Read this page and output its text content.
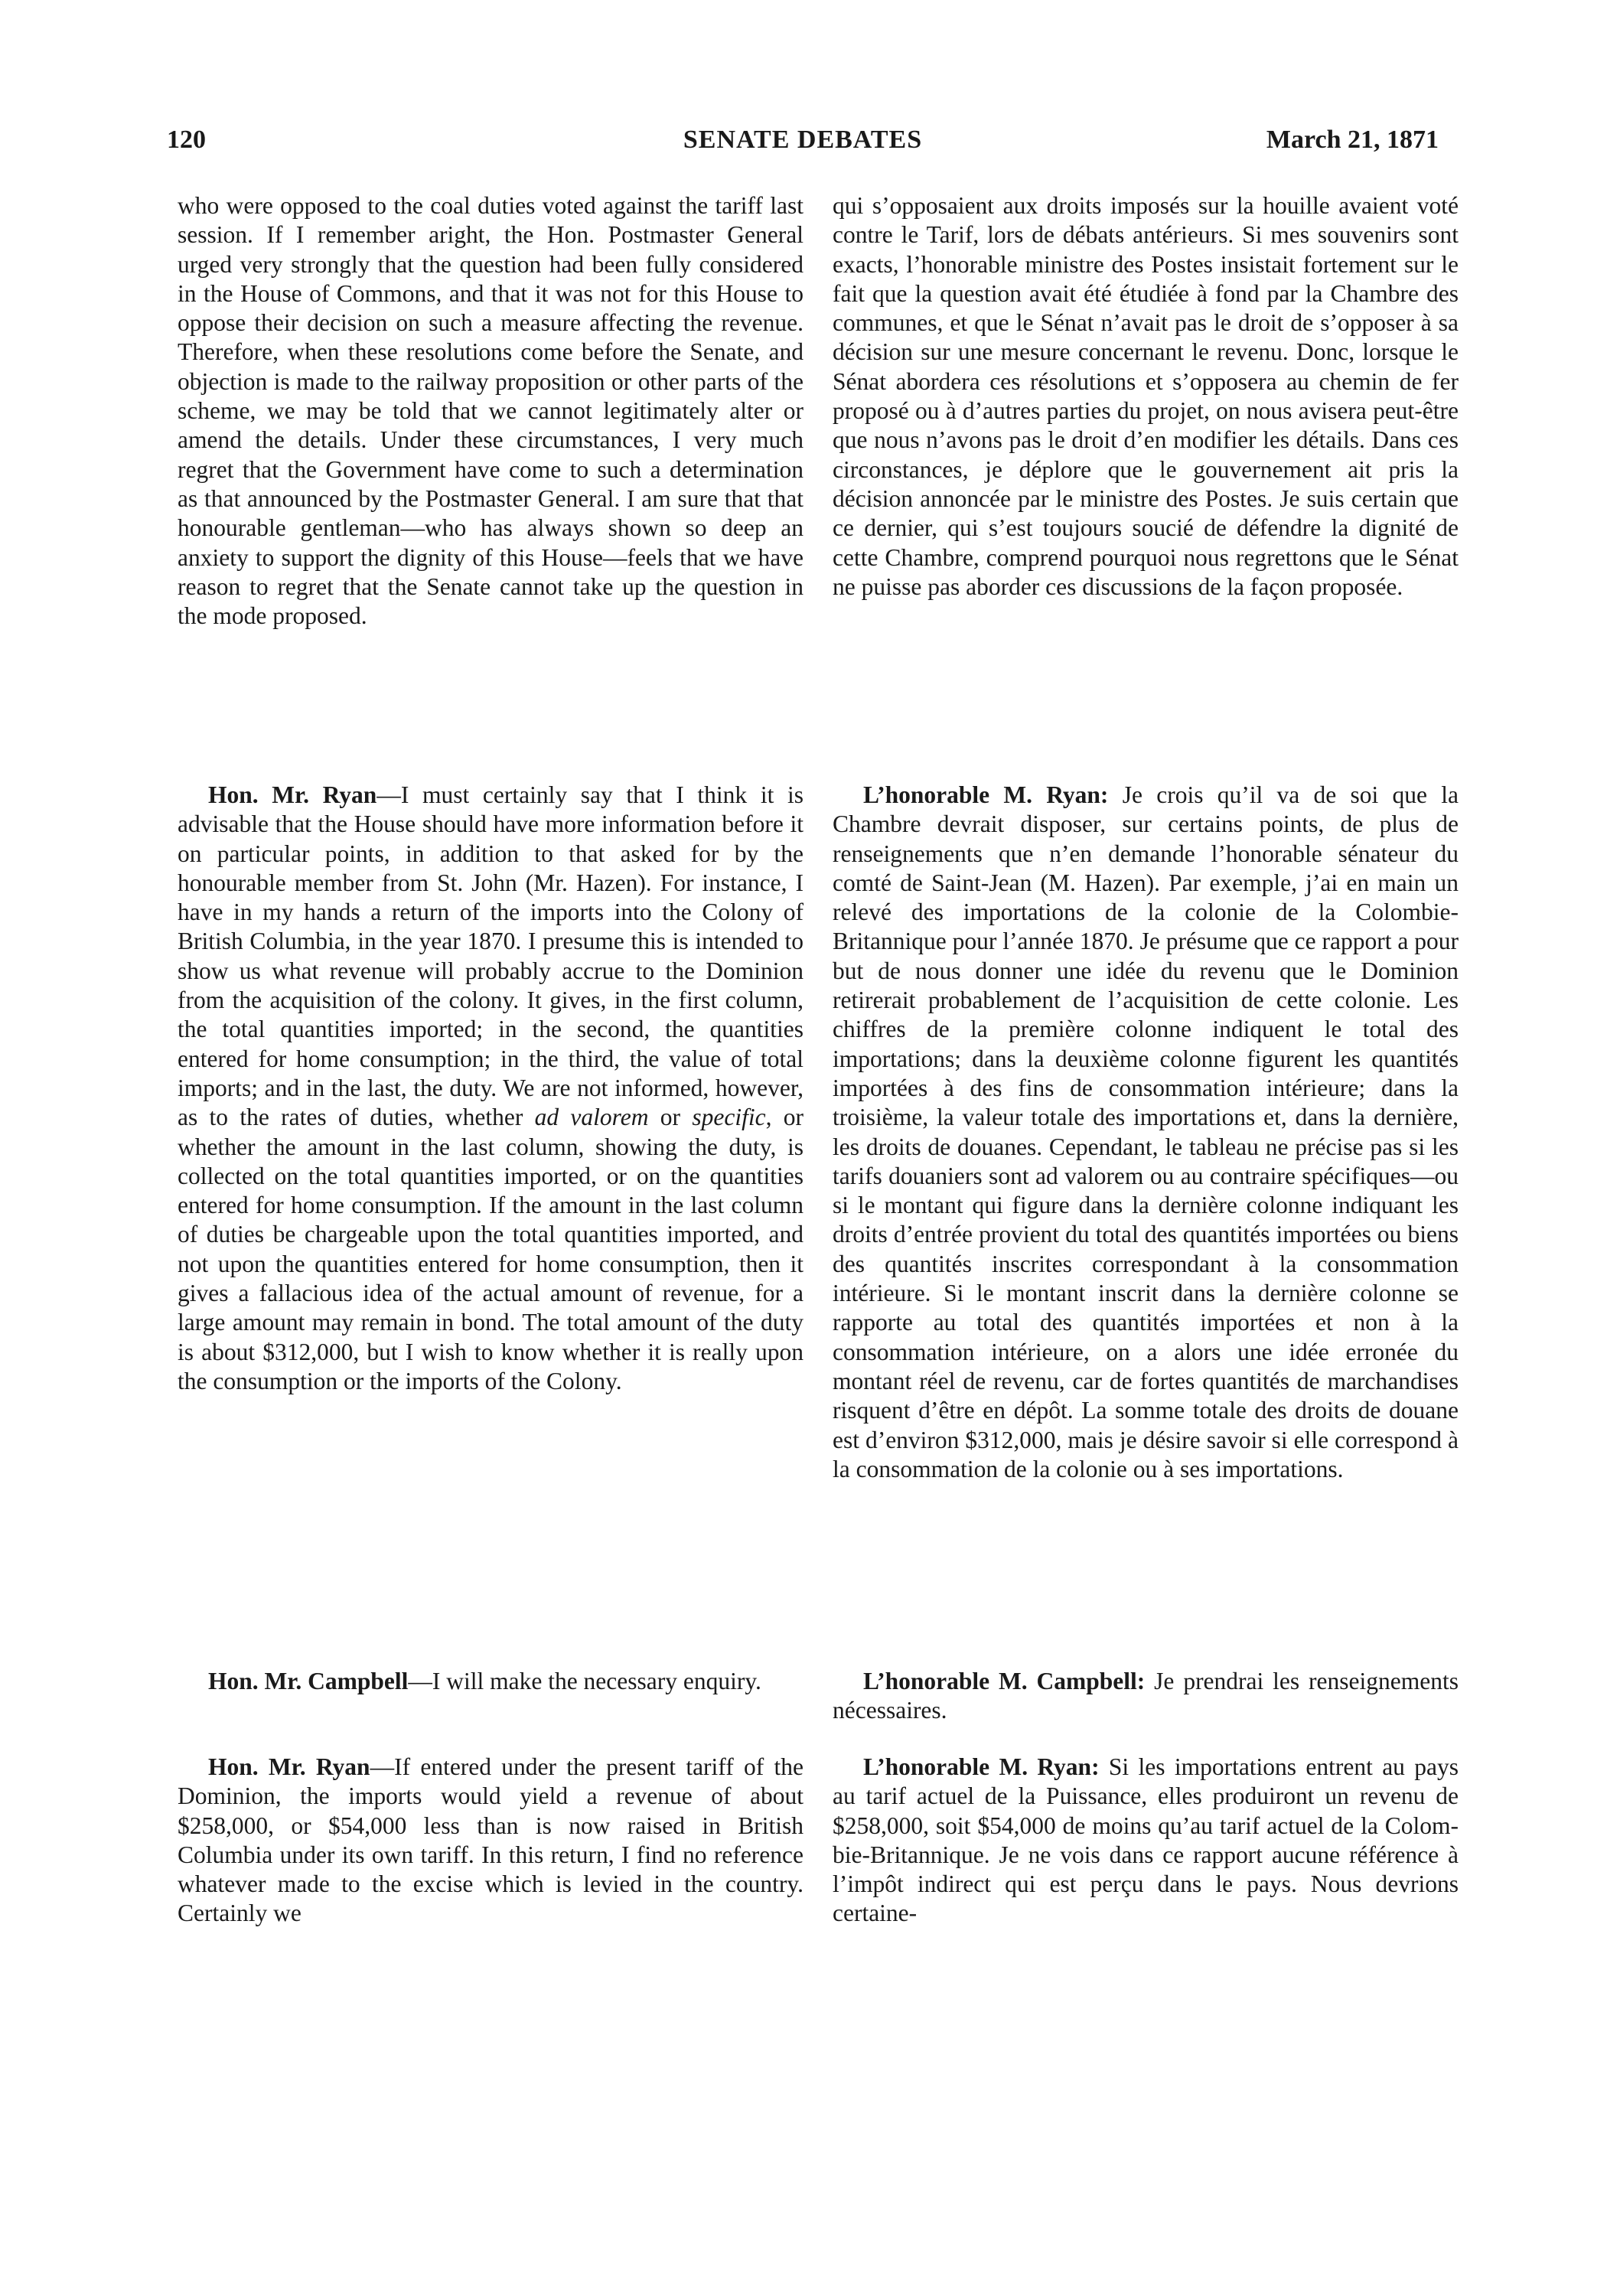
120	SENATE DEBATES	March 21, 1871

who were opposed to the coal duties voted against the tariff last session. If I remember aright, the Hon. Postmaster General urged very strongly that the question had been fully considered in the House of Commons, and that it was not for this House to oppose their decision on such a measure affecting the revenue. Therefore, when these resolutions come before the Senate, and objection is made to the railway proposition or other parts of the scheme, we may be told that we cannot legitimately alter or amend the details. Under these circumstances, I very much regret that the Government have come to such a determination as that announced by the Postmaster General. I am sure that that honourable gentleman—who has always shown so deep an anxiety to support the dignity of this House—feels that we have reason to regret that the Senate cannot take up the question in the mode proposed.

Hon. Mr. Ryan—I must certainly say that I think it is advisable that the House should have more information before it on particular points, in addition to that asked for by the honourable member from St. John (Mr. Hazen). For instance, I have in my hands a return of the imports into the Colony of British Columbia, in the year 1870. I presume this is intended to show us what revenue will probably accrue to the Dominion from the acquisition of the colony. It gives, in the first column, the total quantities imported; in the second, the quantities entered for home consumption; in the third, the value of total imports; and in the last, the duty. We are not informed, however, as to the rates of duties, whether ad valorem or specific, or whether the amount in the last column, showing the duty, is collected on the total quantities imported, or on the quantities entered for home consumption. If the amount in the last column of duties be chargeable upon the total quantities imported, and not upon the quantities entered for home consumption, then it gives a fallacious idea of the actual amount of revenue, for a large amount may remain in bond. The total amount of the duty is about $312,000, but I wish to know whether it is really upon the consumption or the imports of the Colony.

Hon. Mr. Campbell—I will make the necessary enquiry.

Hon. Mr. Ryan—If entered under the present tariff of the Dominion, the imports would yield a revenue of about $258,000, or $54,000 less than is now raised in British Columbia under its own tariff. In this return, I find no reference whatever made to the excise which is levied in the country. Certainly we

qui s’opposaient aux droits imposés sur la houille avaient voté contre le Tarif, lors de débats antérieurs. Si mes souvenirs sont exacts, l’honorable ministre des Postes insistait fortement sur le fait que la question avait été étudiée à fond par la Chambre des communes, et que le Sénat n’avait pas le droit de s’opposer à sa décision sur une mesure concernant le revenu. Donc, lorsque le Sénat abordera ces résolutions et s’opposera au chemin de fer proposé ou à d’autres parties du projet, on nous avisera peut-être que nous n’avons pas le droit d’en modifier les détails. Dans ces circonstances, je déplore que le gouvernement ait pris la décision annoncée par le ministre des Postes. Je suis certain que ce dernier, qui s’est toujours soucié de défendre la dignité de cette Chambre, comprend pourquoi nous regrettons que le Sénat ne puisse pas aborder ces discussions de la façon proposée.

L’honorable M. Ryan: Je crois qu’il va de soi que la Chambre devrait disposer, sur certains points, de plus de renseignements que n’en demande l’honorable sénateur du comté de Saint-Jean (M. Hazen). Par exemple, j’ai en main un relevé des importations de la colonie de la Colombie-Britannique pour l’année 1870. Je présume que ce rapport a pour but de nous donner une idée du revenu que le Dominion retirerait probablement de l’acquisition de cette colonie. Les chiffres de la première colonne indiquent le total des importations; dans la deuxième colonne figurent les quantités importées à des fins de consommation intérieure; dans la troisième, la valeur totale des importations et, dans la dernière, les droits de douanes. Cependant, le tableau ne précise pas si les tarifs douaniers sont ad valorem ou au contraire spécifiques—ou si le montant qui figure dans la dernière colonne indiquant les droits d’entrée provient du total des quantités importées ou biens des quantités inscrites correspondant à la consommation intérieure. Si le montant inscrit dans la dernière colonne se rapporte au total des quantités importées et non à la consommation intérieure, on a alors une idée erronée du montant réel de revenu, car de fortes quantités de marchandises risquent d’être en dépôt. La somme totale des droits de douane est d’environ $312,000, mais je désire savoir si elle correspond à la consommation de la colonie ou à ses importations.

L’honorable M. Campbell: Je prendrai les renseignements nécessaires.

L’honorable M. Ryan: Si les importations entrent au pays au tarif actuel de la Puissance, elles produiront un revenu de $258,000, soit $54,000 de moins qu’au tarif actuel de la Colombie-Britannique. Je ne vois dans ce rapport aucune référence à l’impôt indirect qui est perçu dans le pays. Nous devrions certaine-
